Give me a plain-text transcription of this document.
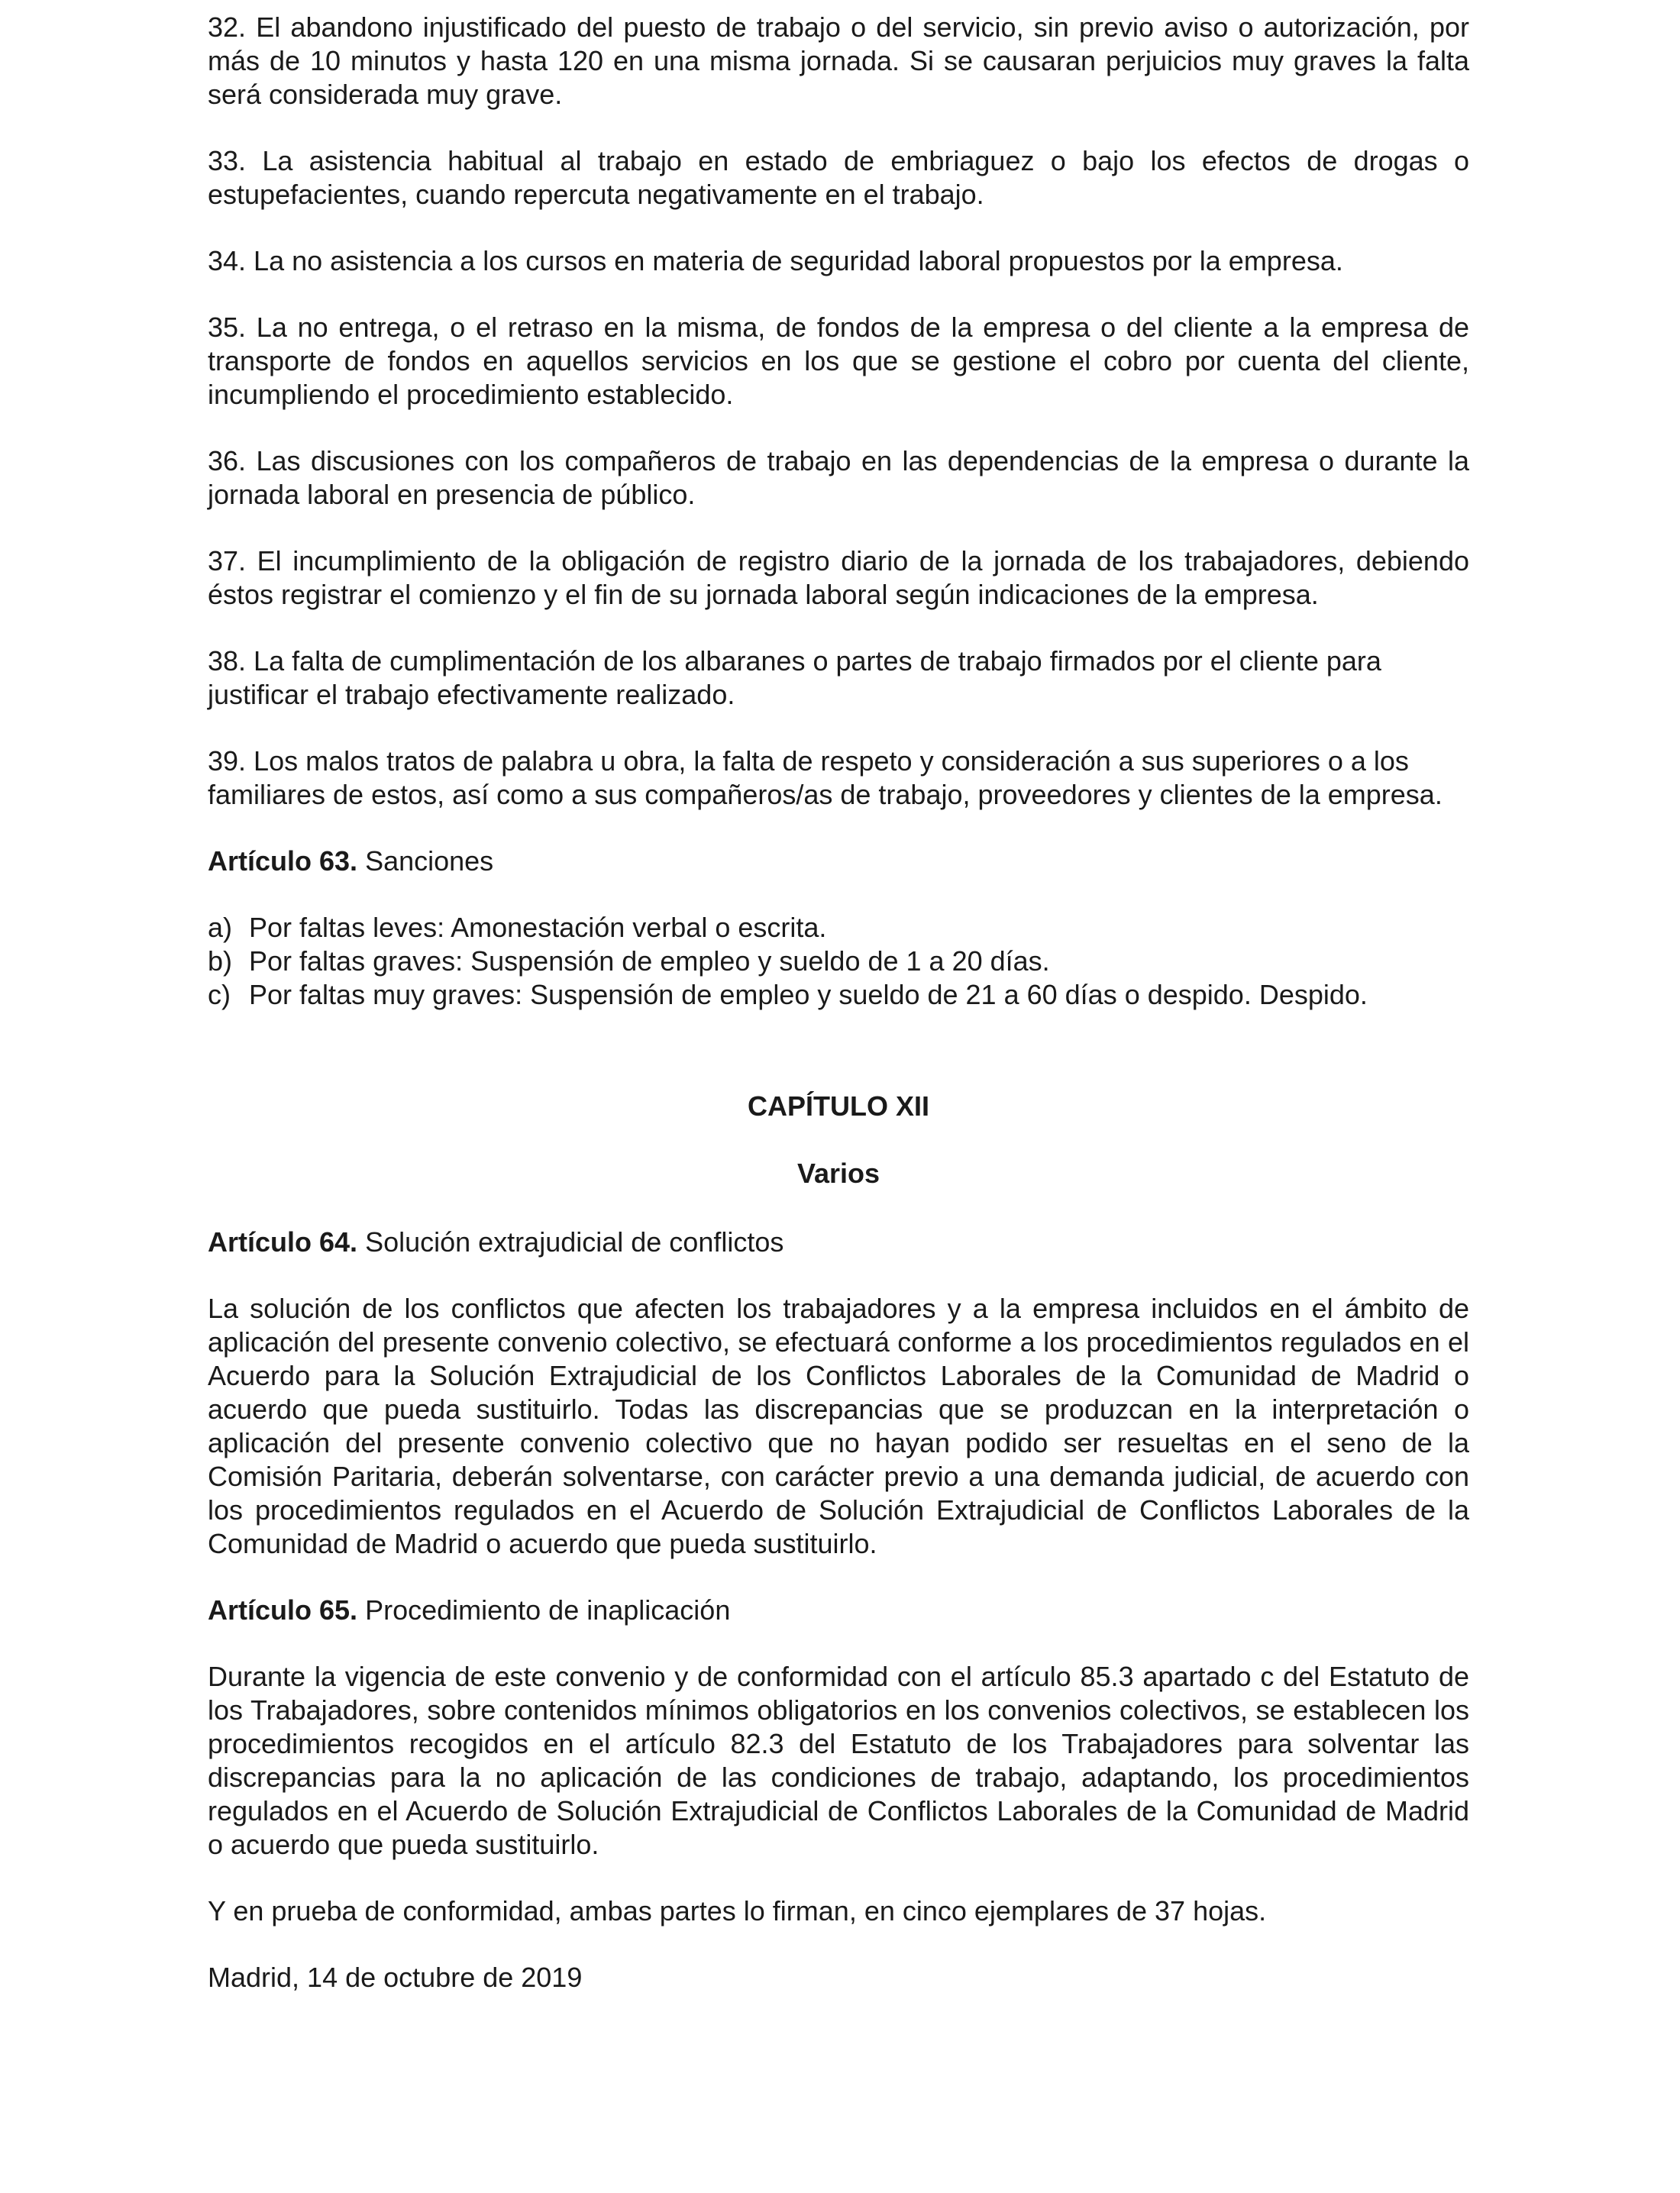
32. El abandono injustificado del puesto de trabajo o del servicio, sin previo aviso o autorización, por más de 10 minutos y hasta 120 en una misma jornada. Si se causaran perjuicios muy graves la falta será considerada muy grave.

33. La asistencia habitual al trabajo en estado de embriaguez o bajo los efectos de drogas o estupefacientes, cuando repercuta negativamente en el trabajo.

34. La no asistencia a los cursos en materia de seguridad laboral propuestos por la empresa.

35. La no entrega, o el retraso en la misma, de fondos de la empresa o del cliente a la empresa de transporte de fondos en aquellos servicios en los que se gestione el cobro por cuenta del cliente, incumpliendo el procedimiento establecido.

36. Las discusiones con los compañeros de trabajo en las dependencias de la empresa o durante la jornada laboral en presencia de público.

37. El incumplimiento de la obligación de registro diario de la jornada de los trabajadores, debiendo éstos registrar el comienzo y el fin de su jornada laboral según indicaciones de la empresa.

38. La falta de cumplimentación de los albaranes o partes de trabajo firmados por el cliente para justificar el trabajo efectivamente realizado.

39. Los malos tratos de palabra u obra, la falta de respeto y consideración a sus superiores o a los familiares de estos, así como a sus compañeros/as de trabajo, proveedores y clientes de la empresa.

Artículo 63. Sanciones

a) Por faltas leves: Amonestación verbal o escrita.
b) Por faltas graves: Suspensión de empleo y sueldo de 1 a 20 días.
c) Por faltas muy graves: Suspensión de empleo y sueldo de 21 a 60 días o despido. Despido.

CAPÍTULO XII

Varios

Artículo 64. Solución extrajudicial de conflictos

La solución de los conflictos que afecten los trabajadores y a la empresa incluidos en el ámbito de aplicación del presente convenio colectivo, se efectuará conforme a los procedimientos regulados en el Acuerdo para la Solución Extrajudicial de los Conflictos Laborales de la Comunidad de Madrid o acuerdo que pueda sustituirlo. Todas las discrepancias que se produzcan en la interpretación o aplicación del presente convenio colectivo que no hayan podido ser resueltas en el seno de la Comisión Paritaria, deberán solventarse, con carácter previo a una demanda judicial, de acuerdo con los procedimientos regulados en el Acuerdo de Solución Extrajudicial de Conflictos Laborales de la Comunidad de Madrid o acuerdo que pueda sustituirlo.

Artículo 65. Procedimiento de inaplicación

Durante la vigencia de este convenio y de conformidad con el artículo 85.3 apartado c del Estatuto de los Trabajadores, sobre contenidos mínimos obligatorios en los convenios colectivos, se establecen los procedimientos recogidos en el artículo 82.3 del Estatuto de los Trabajadores para solventar las discrepancias para la no aplicación de las condiciones de trabajo, adaptando, los procedimientos regulados en el Acuerdo de Solución Extrajudicial de Conflictos Laborales de la Comunidad de Madrid o acuerdo que pueda sustituirlo.

Y en prueba de conformidad, ambas partes lo firman, en cinco ejemplares de 37 hojas.

Madrid, 14 de octubre de 2019
